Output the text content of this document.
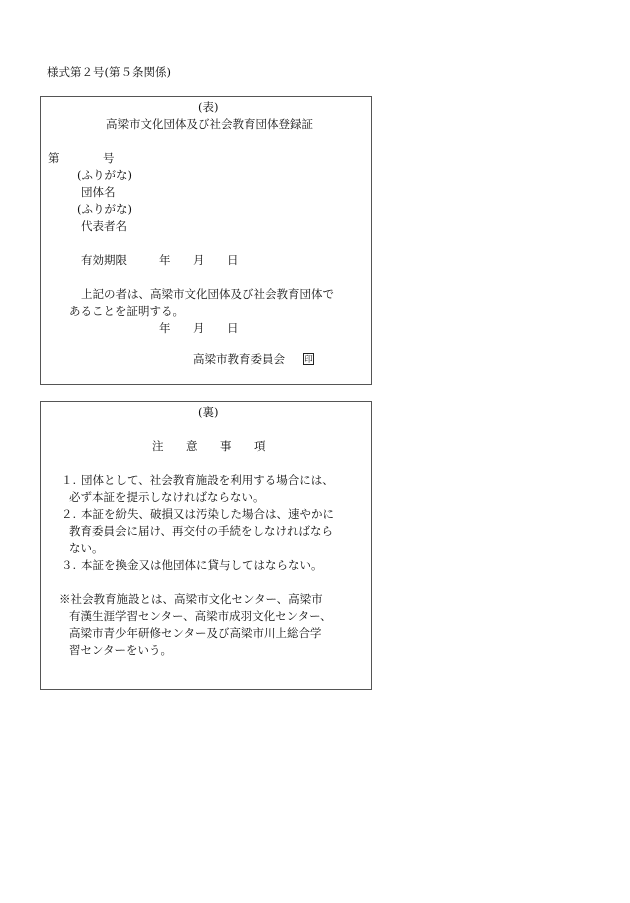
様式第２号(第５条関係)
(表)
高梁市文化団体及び社会教育団体登録証
第	号
(ふりがな)
団体名
(ふりがな)
代表者名
有効期限	年 月 日
上記の者は、高梁市文化団体及び社会教育団体で
あることを証明する。
年 月 日
高梁市教育委員会 印
(裏)
注 意 事 項
１. 団体として、社会教育施設を利用する場合には、
必ず本証を提示しなければならない。
２. 本証を紛失、破損又は汚染した場合は、速やかに
教育委員会に届け、再交付の手続をしなければなら
ない。
３. 本証を換金又は他団体に貸与してはならない。
※社会教育施設とは、高梁市文化センター、高梁市
有漢生涯学習センター、高梁市成羽文化センター、
高梁市青少年研修センター及び高梁市川上総合学
習センターをいう。
